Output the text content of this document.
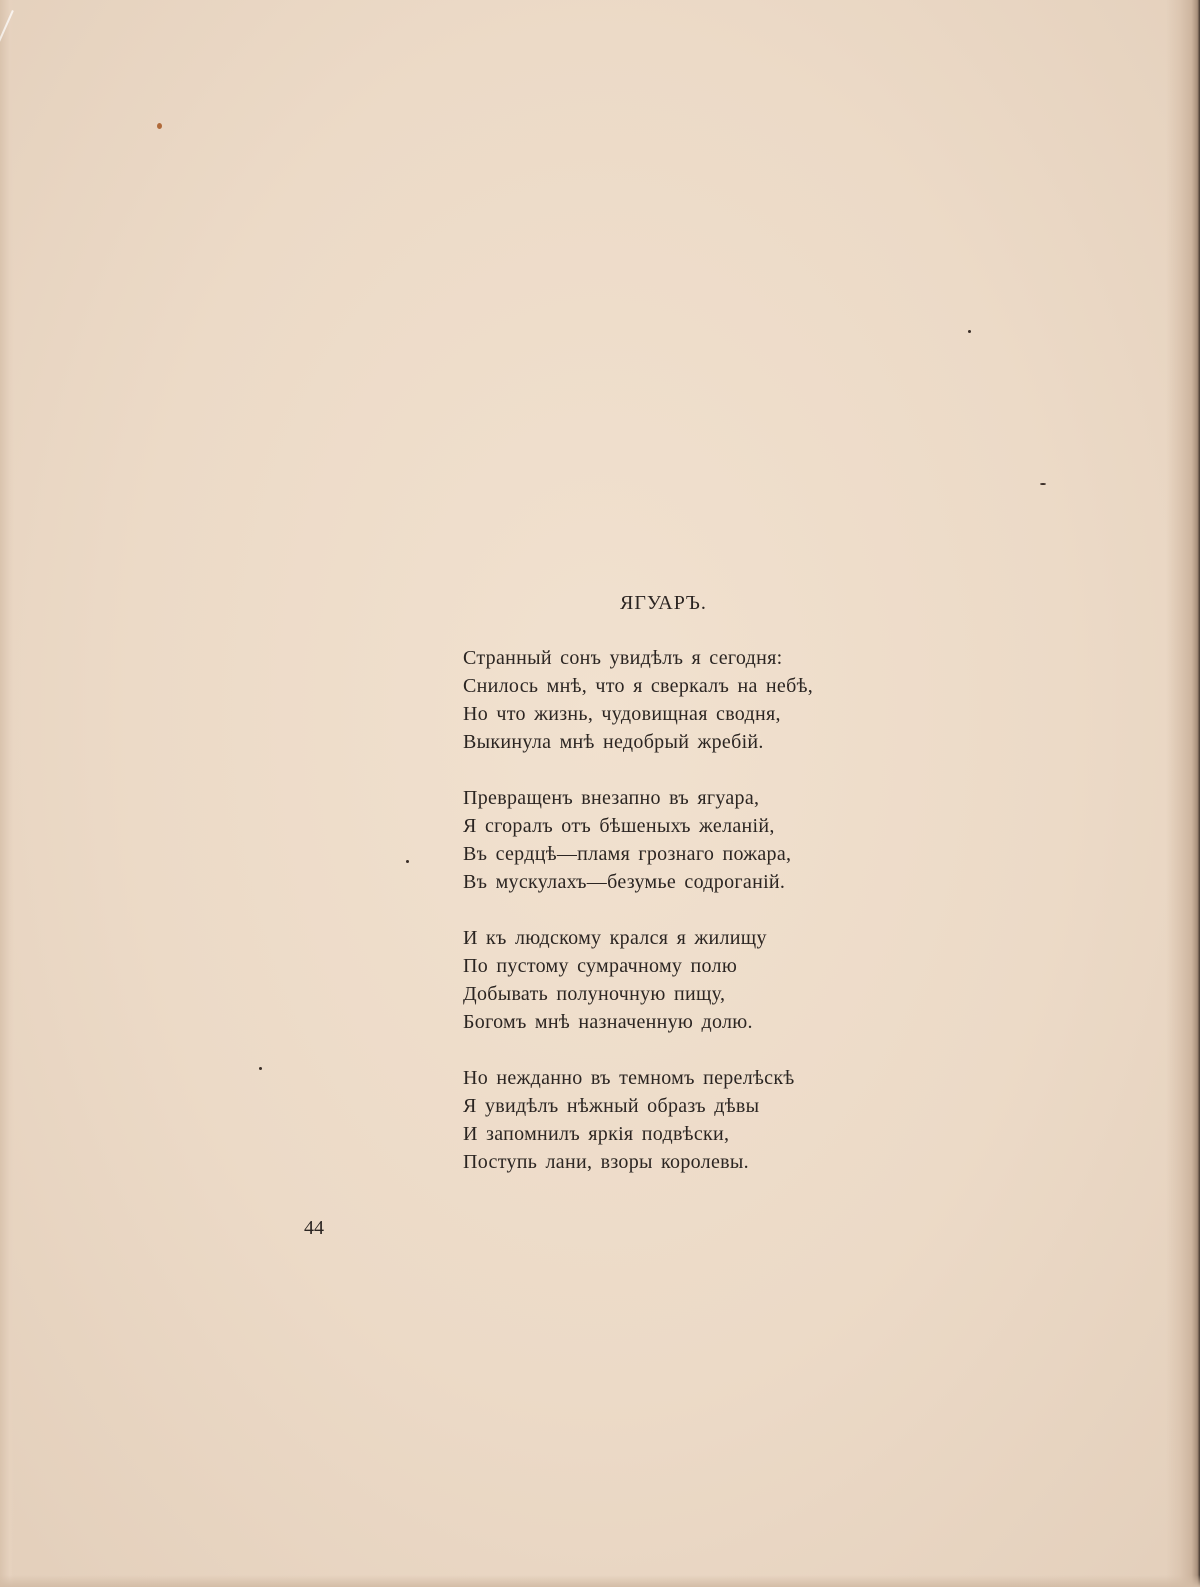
ЯГУАРЪ.
Странный сонъ увидѣлъ я сегодня:
Снилось мнѣ, что я сверкалъ на небѣ,
Но что жизнь, чудовищная сводня,
Выкинула мнѣ недобрый жребій.
Превращенъ внезапно въ ягуара,
Я сгоралъ отъ бѣшеныхъ желаній,
Въ сердцѣ—пламя грознаго пожара,
Въ мускулахъ—безумье содроганій.
И къ людскому крался я жилищу
По пустому сумрачному полю
Добывать полуночную пищу,
Богомъ мнѣ назначенную долю.
Но нежданно въ темномъ перелѣскѣ
Я увидѣлъ нѣжный образъ дѣвы
И запомнилъ яркія подвѣски,
Поступь лани, взоры королевы.
44
